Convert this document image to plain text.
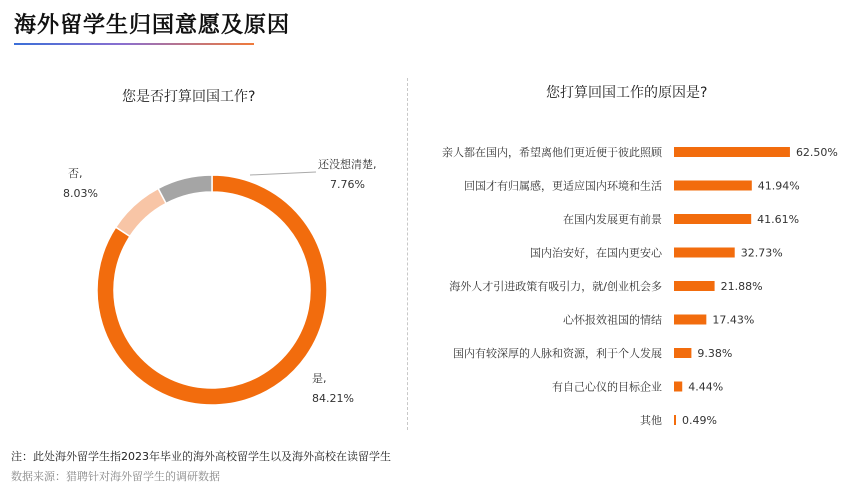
海外留学生归国意愿及原因
您是否打算回国工作?	您打算回国工作的原因是?
是,
84.21%
否,
8.03%
还没想清楚,
7.76%
亲人都在国内，希望离他们更近便于彼此照顾	62.50%
回国才有归属感，更适应国内环境和生活	41.94%
在国内发展更有前景	41.61%
国内治安好，在国内更安心	32.73%
海外人才引进政策有吸引力，就/创业机会多	21.88%
心怀报效祖国的情结	17.43%
国内有较深厚的人脉和资源，利于个人发展	9.38%
有自己心仪的目标企业 4.44%
其他 0.49%
注：此处海外留学生指2023年毕业的海外高校留学生以及海外高校在读留学生
数据来源：猎聘针对海外留学生的调研数据
